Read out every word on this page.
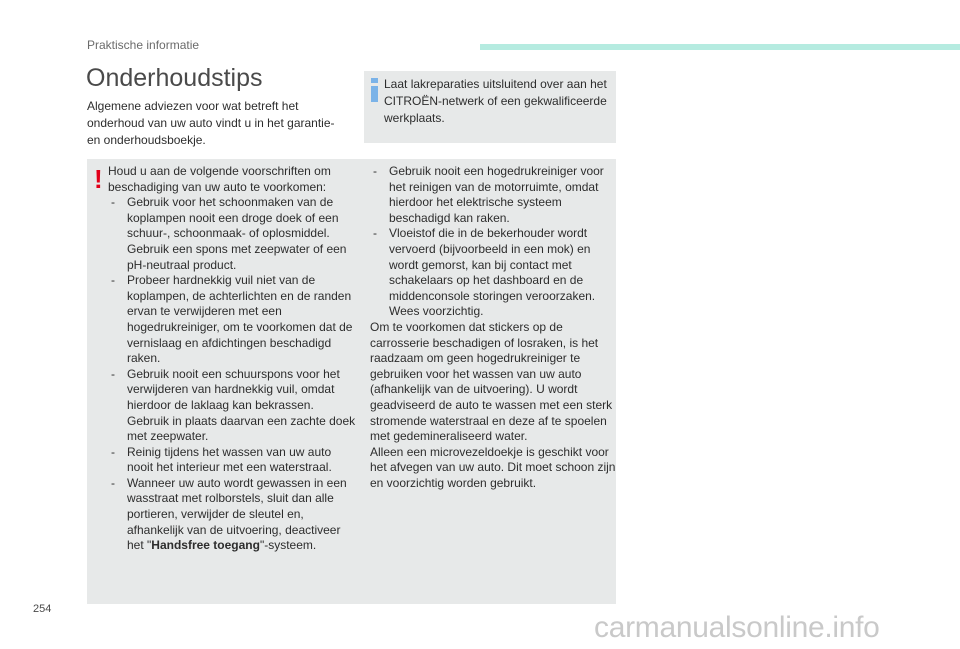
Praktische informatie
Onderhoudstips

Algemene adviezen voor wat betreft het onderhoud van uw auto vindt u in het garantie- en onderhoudsboekje.

Laat lakreparaties uitsluitend over aan het CITROËN-netwerk of een gekwalificeerde werkplaats.

! Houd u aan de volgende voorschriften om beschadiging van uw auto te voorkomen:

- Gebruik voor het schoonmaken van de koplampen nooit een droge doek of een schuur-, schoonmaak- of oplosmiddel. Gebruik een spons met zeepwater of een pH-neutraal product.
- Probeer hardnekkig vuil niet van de koplampen, de achterlichten en de randen ervan te verwijderen met een hogedrukreiniger, om te voorkomen dat de vernislaag en afdichtingen beschadigd raken.
- Gebruik nooit een schuurspons voor het verwijderen van hardnekkig vuil, omdat hierdoor de laklaag kan bekrassen. Gebruik in plaats daarvan een zachte doek met zeepwater.
- Reinig tijdens het wassen van uw auto nooit het interieur met een waterstraal.
- Wanneer uw auto wordt gewassen in een wasstraat met rolborstels, sluit dan alle portieren, verwijder de sleutel en, afhankelijk van de uitvoering, deactiveer het "Handsfree toegang"-systeem.
- Gebruik nooit een hogedrukreiniger voor het reinigen van de motorruimte, omdat hierdoor het elektrische systeem beschadigd kan raken.
- Vloeistof die in de bekerhouder wordt vervoerd (bijvoorbeeld in een mok) en wordt gemorst, kan bij contact met schakelaars op het dashboard en de middenconsole storingen veroorzaken. Wees voorzichtig.

Om te voorkomen dat stickers op de carrosserie beschadigen of losraken, is het raadzaam om geen hogedrukreiniger te gebruiken voor het wassen van uw auto (afhankelijk van de uitvoering). U wordt geadviseerd de auto te wassen met een sterk stromende waterstraal en deze af te spoelen met gedemineraliseerd water.

Alleen een microvezeldoekje is geschikt voor het afvegen van uw auto. Dit moet schoon zijn en voorzichtig worden gebruikt.

254
carmanualsonline.info
